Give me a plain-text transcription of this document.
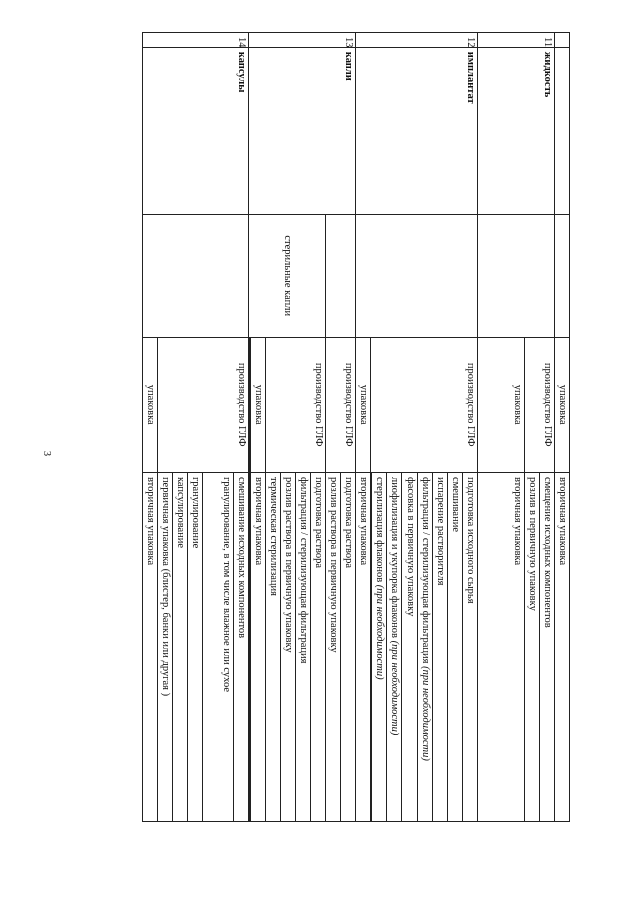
3
			упаковка	вторичная упаковка
11	жидкость		производство ГЛФ	смещение исходных компонентов
				розлив в первичную упаковку
			упаковка	вторичная упаковка
12	имплантат		производство ГЛФ	подготовка исходного сырья
				смешивание
				испарение растворителя
				фильтрация / стерилизующая фильтрация (при необходимости)
				фасовка в первичную упаковку
				лиофилизация и укупорка флаконов (при необходимости)
				стерилизация флаконов (при необходимости)

			упаковка	вторичная упаковка
13	капли		производство ГЛФ	подготовка раствора
				розлив раствора в первичную упаковку
		стерильные капли	производство ГЛФ	подготовка раствора
				фильтрация / стерилизующая фильтрация
				розлив раствора в первичную упаковку
				термическая стерилизация
			упаковка	вторичная упаковка

14	капсулы		производство ГЛФ	смешивание исходных компонентов
				гранулирование, в том числе влажное или сухое
				гранулирование
				капсулирование
				первичная упаковка (блистер, банки или другая )
			упаковка	вторичная упаковка
